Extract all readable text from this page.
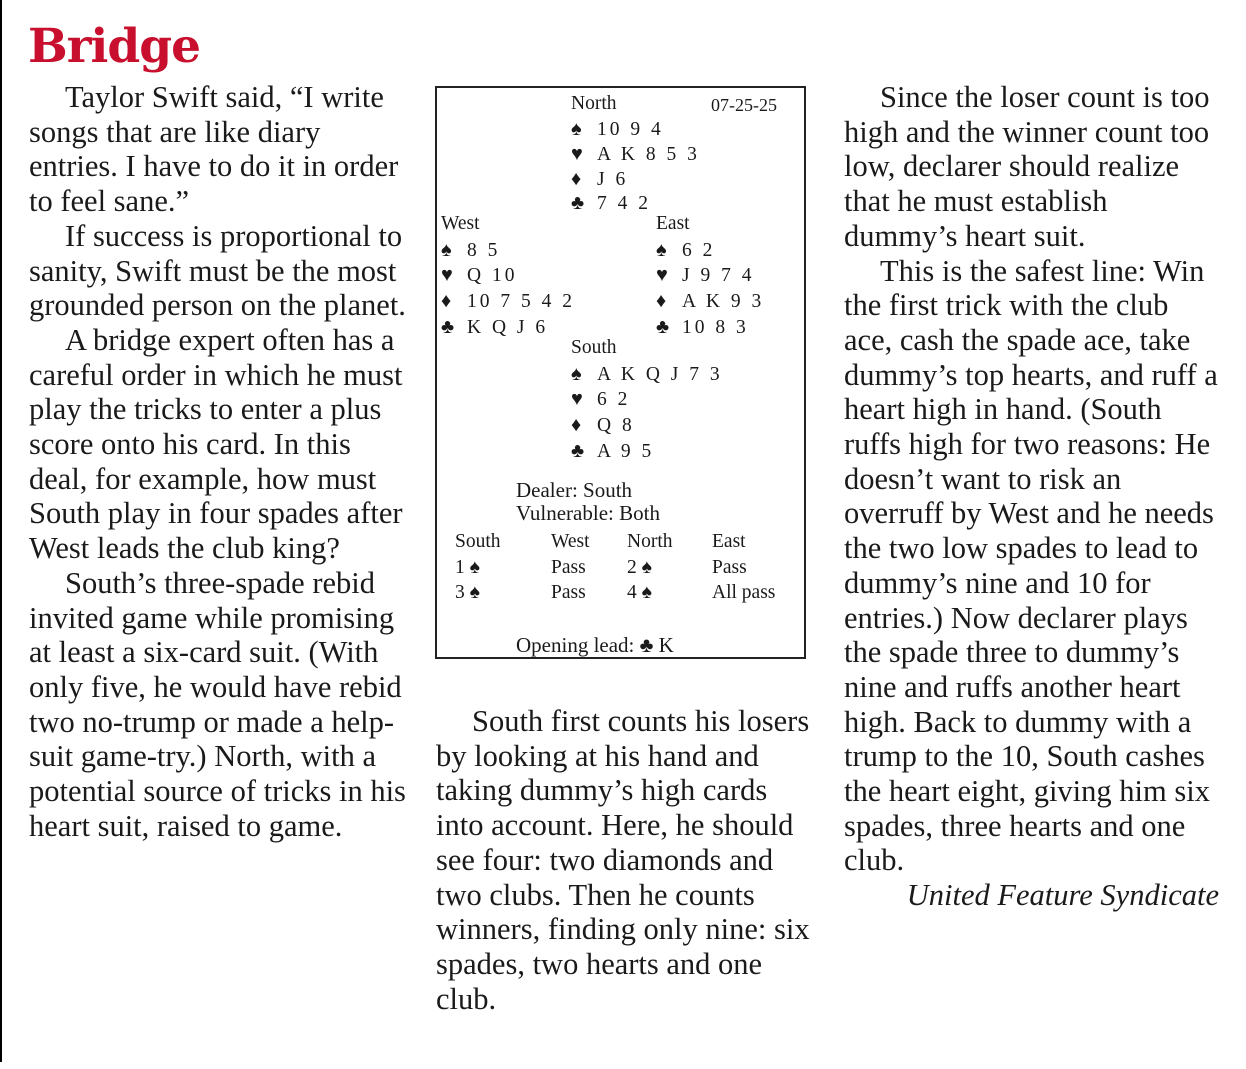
Bridge

Taylor Swift said, “I write songs that are like diary entries. I have to do it in order to feel sane.”

If success is proportional to sanity, Swift must be the most grounded person on the planet.

A bridge expert often has a careful order in which he must play the tricks to enter a plus score onto his card. In this deal, for example, how must South play in four spades after West leads the club king?

South’s three-spade rebid invited game while promising at least a six-card suit. (With only five, he would have rebid two no-trump or made a help-suit game-try.) North, with a potential source of tricks in his heart suit, raised to game.

North	07-25-25
♠ 10 9 4
♥ A K 8 5 3
♦ J 6
♣ 7 4 2
West
♠ 8 5
♥ Q 10
♦ 10 7 5 4 2
♣ K Q J 6
East
♠ 6 2
♥ J 9 7 4
♦ A K 9 3
♣ 10 8 3
South
♠ A K Q J 7 3
♥ 6 2
♦ Q 8
♣ A 9 5
Dealer: South
Vulnerable: Both
South
1 ♠
3 ♠
West
Pass
Pass
North
2 ♠
4 ♠
East
Pass
All pass
Opening lead: ♣ K

South first counts his losers by looking at his hand and taking dummy’s high cards into account. Here, he should see four: two diamonds and two clubs. Then he counts winners, finding only nine: six spades, two hearts and one club.

Since the loser count is too high and the winner count too low, declarer should realize that he must establish dummy’s heart suit.

This is the safest line: Win the first trick with the club ace, cash the spade ace, take dummy’s top hearts, and ruff a heart high in hand. (South ruffs high for two reasons: He doesn’t want to risk an overruff by West and he needs the two low spades to lead to dummy’s nine and 10 for entries.) Now declarer plays the spade three to dummy’s nine and ruffs another heart high. Back to dummy with a trump to the 10, South cashes the heart eight, giving him six spades, three hearts and one club.

United Feature Syndicate
